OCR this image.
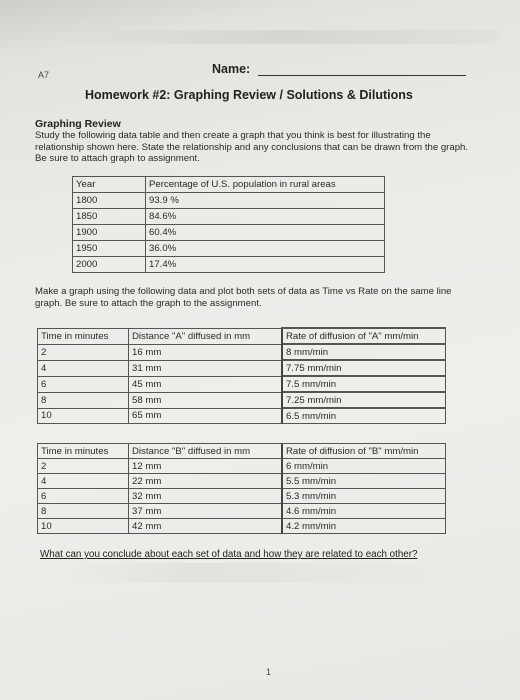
A7	Name:
Homework #2: Graphing Review / Solutions & Dilutions
Graphing Review
Study the following data table and then create a graph that you think is best for illustrating the relationship shown here. State the relationship and any conclusions that can be drawn from the graph. Be sure to attach graph to assignment.
Year	Percentage of U.S. population in rural areas
1800	93.9 %
1850	84.6%
1900	60.4%
1950	36.0%
2000	17.4%
Make a graph using the following data and plot both sets of data as Time vs Rate on the same line graph. Be sure to attach the graph to the assignment.
Time in minutes	Distance "A" diffused in mm	Rate of diffusion of "A" mm/min
2	16 mm	8 mm/min
4	31 mm	7.75 mm/min
6	45 mm	7.5 mm/min
8	58 mm	7.25 mm/min
10	65 mm	6.5 mm/min
Time in minutes	Distance "B" diffused in mm	Rate of diffusion of "B" mm/min
2	12 mm	6 mm/min
4	22 mm	5.5 mm/min
6	32 mm	5.3 mm/min
8	37 mm	4.6 mm/min
10	42 mm	4.2 mm/min
What can you conclude about each set of data and how they are related to each other?
1
